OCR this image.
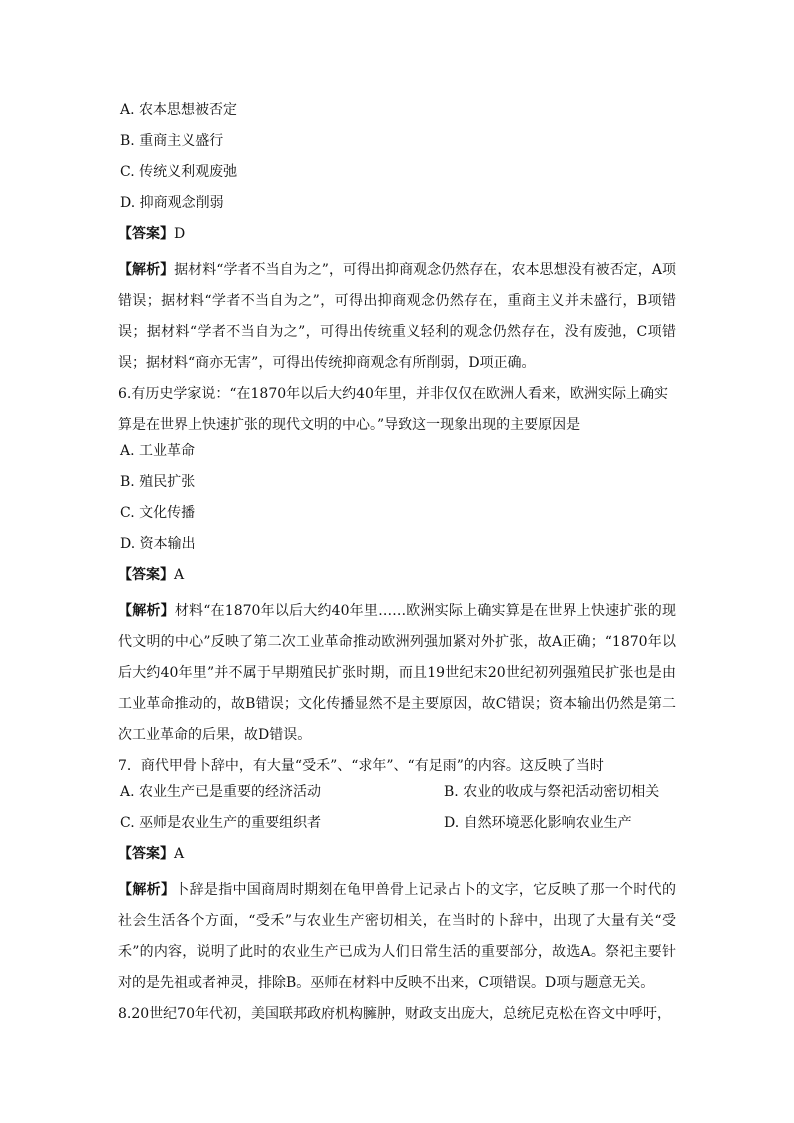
A. 农本思想被否定
B. 重商主义盛行
C. 传统义利观废弛
D. 抑商观念削弱
【答案】D
【解析】据材料“学者不当自为之”，可得出抑商观念仍然存在，农本思想没有被否定，A项错误；据材料“学者不当自为之”，可得出抑商观念仍然存在，重商主义并未盛行，B项错误；据材料“学者不当自为之”，可得出传统重义轻利的观念仍然存在，没有废弛，C项错误；据材料“商亦无害”，可得出传统抑商观念有所削弱，D项正确。
6.有历史学家说：“在1870年以后大约40年里，并非仅仅在欧洲人看来，欧洲实际上确实算是在世界上快速扩张的现代文明的中心。”导致这一现象出现的主要原因是
A. 工业革命
B. 殖民扩张
C. 文化传播
D. 资本输出
【答案】A
【解析】材料“在1870年以后大约40年里……欧洲实际上确实算是在世界上快速扩张的现代文明的中心”反映了第二次工业革命推动欧洲列强加紧对外扩张，故A正确；“1870年以后大约40年里”并不属于早期殖民扩张时期，而且19世纪末20世纪初列强殖民扩张也是由工业革命推动的，故B错误；文化传播显然不是主要原因，故C错误；资本输出仍然是第二次工业革命的后果，故D错误。
7．商代甲骨卜辞中，有大量“受禾”、“求年”、“有足雨”的内容。这反映了当时
A. 农业生产已是重要的经济活动	B. 农业的收成与祭祀活动密切相关
C. 巫师是农业生产的重要组织者	D. 自然环境恶化影响农业生产
【答案】A
【解析】卜辞是指中国商周时期刻在龟甲兽骨上记录占卜的文字，它反映了那一个时代的社会生活各个方面，“受禾”与农业生产密切相关，在当时的卜辞中，出现了大量有关“受禾”的内容，说明了此时的农业生产已成为人们日常生活的重要部分，故选A。祭祀主要针对的是先祖或者神灵，排除B。巫师在材料中反映不出来，C项错误。D项与题意无关。
8.20世纪70年代初，美国联邦政府机构臃肿，财政支出庞大，总统尼克松在咨文中呼吁，
